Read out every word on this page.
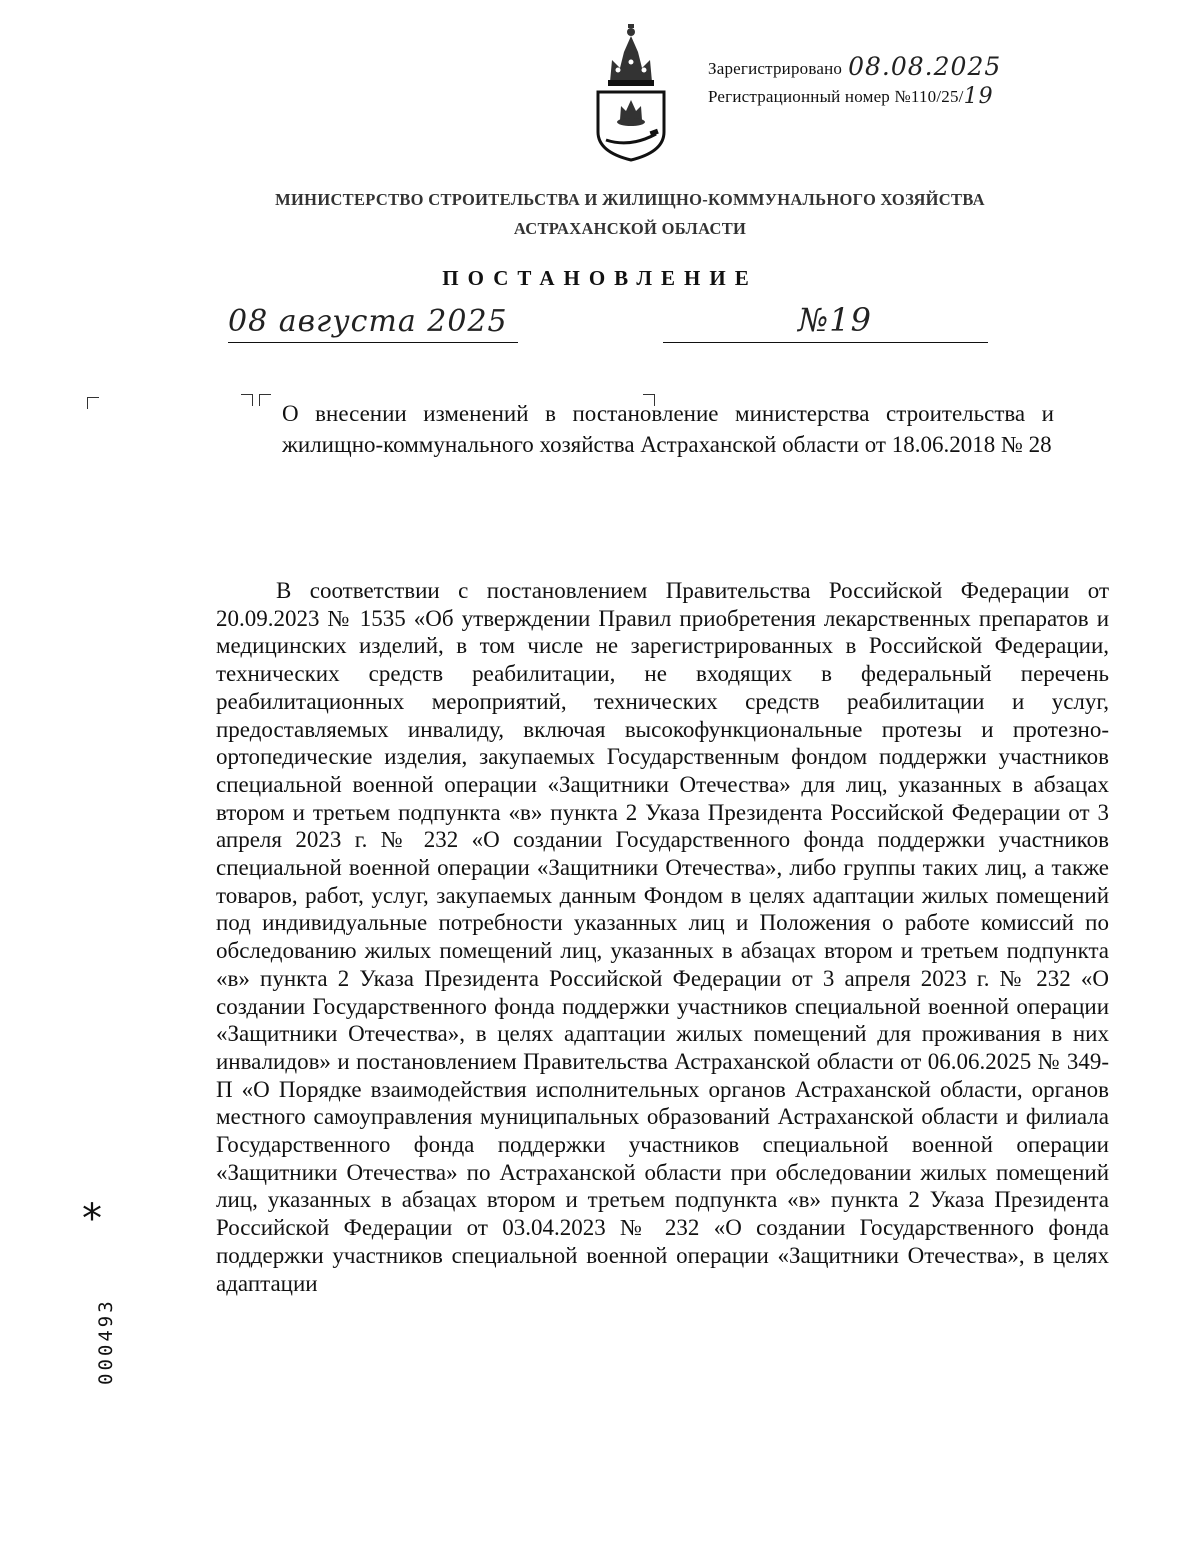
Зарегистрировано 08.08.2025
Регистрационный номер №110/25/19
МИНИСТЕРСТВО СТРОИТЕЛЬСТВА И ЖИЛИЩНО-КОММУНАЛЬНОГО ХОЗЯЙСТВА
АСТРАХАНСКОЙ ОБЛАСТИ
ПОСТАНОВЛЕНИЕ
08 августа 2025	№19
О внесении изменений в постановление министерства строительства и жилищно-коммунального хозяйства Астраханской области от 18.06.2018 № 28
В соответствии с постановлением Правительства Российской Федерации от 20.09.2023 № 1535 «Об утверждении Правил приобретения лекарственных препаратов и медицинских изделий, в том числе не зарегистрированных в Российской Федерации, технических средств реабилитации, не входящих в федеральный перечень реабилитационных мероприятий, технических средств реабилитации и услуг, предоставляемых инвалиду, включая высокофункциональные протезы и протезно-ортопедические изделия, закупаемых Государственным фондом поддержки участников специальной военной операции «Защитники Отечества» для лиц, указанных в абзацах втором и третьем подпункта «в» пункта 2 Указа Президента Российской Федерации от 3 апреля 2023 г. № 232 «О создании Государственного фонда поддержки участников специальной военной операции «Защитники Отечества», либо группы таких лиц, а также товаров, работ, услуг, закупаемых данным Фондом в целях адаптации жилых помещений под индивидуальные потребности указанных лиц и Положения о работе комиссий по обследованию жилых помещений лиц, указанных в абзацах втором и третьем подпункта «в» пункта 2 Указа Президента Российской Федерации от 3 апреля 2023 г. № 232 «О создании Государственного фонда поддержки участников специальной военной операции «Защитники Отечества», в целях адаптации жилых помещений для проживания в них инвалидов» и постановлением Правительства Астраханской области от 06.06.2025 № 349-П «О Порядке взаимодействия исполнительных органов Астраханской области, органов местного самоуправления муниципальных образований Астраханской области и филиала Государственного фонда поддержки участников специальной военной операции «Защитники Отечества» по Астраханской области при обследовании жилых помещений лиц, указанных в абзацах втором и третьем подпункта «в» пункта 2 Указа Президента Российской Федерации от 03.04.2023 № 232 «О создании Государственного фонда поддержки участников специальной военной операции «Защитники Отечества», в целях адаптации
*
000493
